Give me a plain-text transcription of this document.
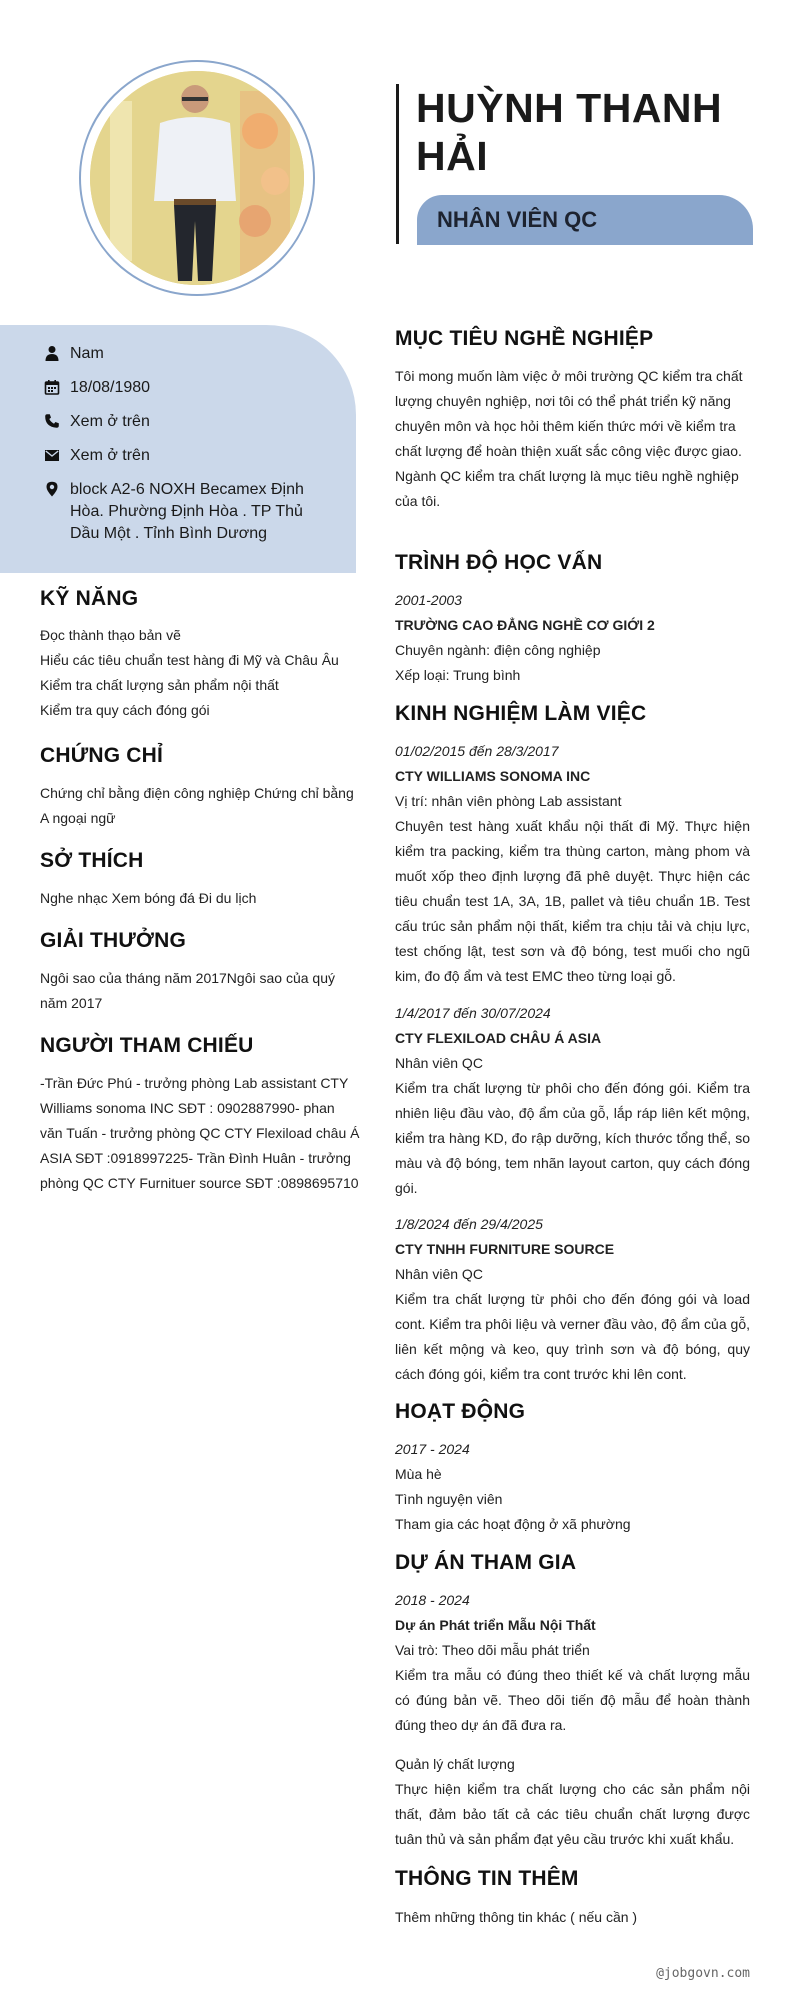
HUỲNH THANH HẢI
NHÂN VIÊN QC
Nam
18/08/1980
Xem ở trên
Xem ở trên
block A2-6 NOXH Becamex Định Hòa. Phường Định Hòa . TP Thủ Dầu Một . Tỉnh Bình Dương
KỸ NĂNG
Đọc thành thạo bản vẽ
Hiểu các tiêu chuẩn test hàng đi Mỹ và Châu Âu
Kiểm tra chất lượng sản phẩm nội thất
Kiểm tra quy cách đóng gói
CHỨNG CHỈ

Chứng chỉ bằng điện công nghiệp Chứng chỉ bằng A ngoại ngữ

SỞ THÍCH

Nghe nhạc Xem bóng đá Đi du lịch

GIẢI THƯỞNG

Ngôi sao của tháng năm 2017Ngôi sao của quý năm 2017

NGƯỜI THAM CHIẾU

-Trần Đức Phú - trưởng phòng Lab assistant CTY Williams sonoma INC SĐT : 0902887990- phan văn Tuấn - trưởng phòng QC CTY Flexiload châu Á ASIA SĐT :0918997225- Trần Đình Huân - trưởng phòng QC CTY Furnituer source SĐT :0898695710

MỤC TIÊU NGHỀ NGHIỆP

Tôi mong muốn làm việc ở môi trường QC kiểm tra chất lượng chuyên nghiệp, nơi tôi có thể phát triển kỹ năng chuyên môn và học hỏi thêm kiến thức mới về kiểm tra chất lượng để hoàn thiện xuất sắc công việc được giao. Ngành QC kiểm tra chất lượng là mục tiêu nghề nghiệp của tôi.

TRÌNH ĐỘ HỌC VẤN
2001-2003
TRƯỜNG CAO ĐẲNG NGHỀ CƠ GIỚI 2
Chuyên ngành: điện công nghiệp
Xếp loại: Trung bình
KINH NGHIỆM LÀM VIỆC
01/02/2015 đến 28/3/2017
CTY WILLIAMS SONOMA INC
Vị trí: nhân viên phòng Lab assistant
Chuyên test hàng xuất khẩu nội thất đi Mỹ. Thực hiện kiểm tra packing, kiểm tra thùng carton, màng phom và muốt xốp theo định lượng đã phê duyệt. Thực hiện các tiêu chuẩn test 1A, 3A, 1B, pallet và tiêu chuẩn 1B. Test cấu trúc sản phẩm nội thất, kiểm tra chịu tải và chịu lực, test chống lật, test sơn và độ bóng, test muối cho ngũ kim, đo độ ẩm và test EMC theo từng loại gỗ.
1/4/2017 đến 30/07/2024
CTY FLEXILOAD CHÂU Á ASIA
Nhân viên QC
Kiểm tra chất lượng từ phôi cho đến đóng gói. Kiểm tra nhiên liệu đầu vào, độ ẩm của gỗ, lắp ráp liên kết mộng, kiểm tra hàng KD, đo rập dưỡng, kích thước tổng thể, so màu và độ bóng, tem nhãn layout carton, quy cách đóng gói.
1/8/2024 đến 29/4/2025
CTY TNHH FURNITURE SOURCE
Nhân viên QC
Kiểm tra chất lượng từ phôi cho đến đóng gói và load cont. Kiểm tra phôi liệu và verner đầu vào, độ ẩm của gỗ, liên kết mộng và keo, quy trình sơn và độ bóng, quy cách đóng gói, kiểm tra cont trước khi lên cont.
HOẠT ĐỘNG
2017 - 2024
Mùa hè
Tình nguyện viên
Tham gia các hoạt động ở xã phường
DỰ ÁN THAM GIA
2018 - 2024
Dự án Phát triển Mẫu Nội Thất
Vai trò: Theo dõi mẫu phát triển
Kiểm tra mẫu có đúng theo thiết kế và chất lượng mẫu có đúng bản vẽ. Theo dõi tiến độ mẫu để hoàn thành đúng theo dự án đã đưa ra.
Quản lý chất lượng
Thực hiện kiểm tra chất lượng cho các sản phẩm nội thất, đảm bảo tất cả các tiêu chuẩn chất lượng được tuân thủ và sản phẩm đạt yêu cầu trước khi xuất khẩu.
THÔNG TIN THÊM

Thêm những thông tin khác ( nếu cần )

@jobgovn.com
